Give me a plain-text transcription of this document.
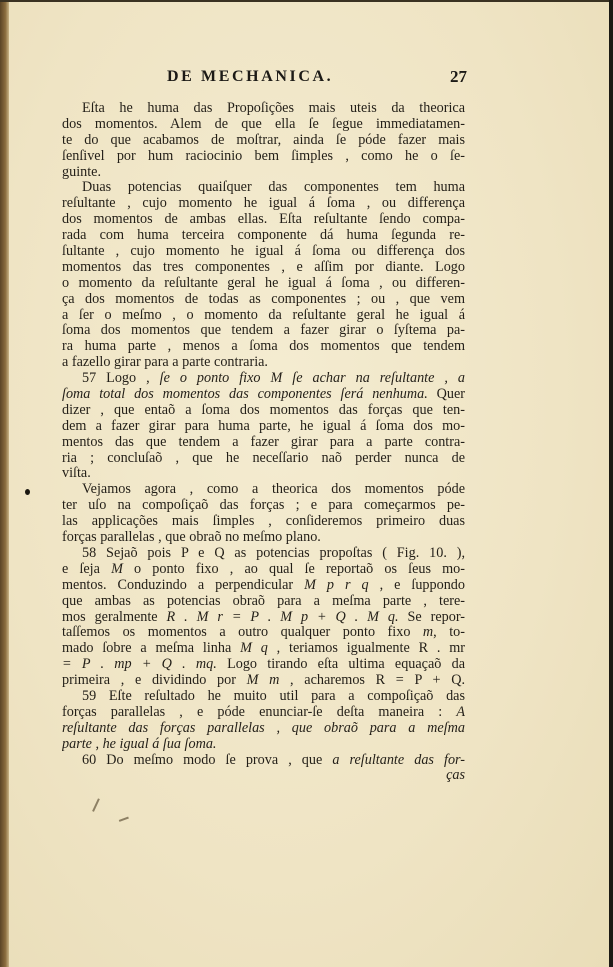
DE MECHANICA.	27
Eſta he huma das Propoſições mais uteis da theorica
dos momentos. Alem de que ella ſe ſegue immediatamen-
te do que acabamos de moſtrar, ainda ſe póde fazer mais
ſenſivel por hum raciocinio bem ſimples , como he o ſe-
guinte.
Duas potencias quaiſquer das componentes tem huma
reſultante , cujo momento he igual á ſoma , ou differença
dos momentos de ambas ellas. Eſta reſultante ſendo compa-
rada com huma terceira componente dá huma ſegunda re-
ſultante , cujo momento he igual á ſoma ou differença dos
momentos das tres componentes , e aſſim por diante. Logo
o momento da reſultante geral he igual á ſoma , ou differen-
ça dos momentos de todas as componentes ; ou , que vem
a ſer o meſmo , o momento da reſultante geral he igual á
ſoma dos momentos que tendem a fazer girar o ſyſtema pa-
ra huma parte , menos a ſoma dos momentos que tendem
a fazello girar para a parte contraria.
57 Logo , ſe o ponto fixo M ſe achar na reſultante , a
ſoma total dos momentos das componentes ſerá nenhuma. Quer
dizer , que entaõ a ſoma dos momentos das forças que ten-
dem a fazer girar para huma parte, he igual á ſoma dos mo-
mentos das que tendem a fazer girar para a parte contra-
ria ; concluſaõ , que he neceſſario naõ perder nunca de
viſta.
Vejamos agora , como a theorica dos momentos póde
ter uſo na compoſiçaõ das forças ; e para começarmos pe-
las applicações mais ſimples , conſideremos primeiro duas
forças parallelas , que obraõ no meſmo plano.
58 Sejaõ pois P e Q as potencias propoſtas ( Fig. 10. ),
e ſeja M o ponto fixo , ao qual ſe reportaõ os ſeus mo-
mentos. Conduzindo a perpendicular M p r q , e ſuppondo
que ambas as potencias obraõ para a meſma parte , tere-
mos geralmente R . M r = P . M p + Q . M q. Se repor-
taſſemos os momentos a outro qualquer ponto fixo m, to-
mado ſobre a meſma linha M q , teriamos igualmente R . mr
= P . mp + Q . mq. Logo tirando eſta ultima equaçaõ da
primeira , e dividindo por M m , acharemos R = P + Q.
59 Eſte reſultado he muito util para a compoſiçaõ das
forças parallelas , e póde enunciar-ſe deſta maneira : A
reſultante das forças parallelas , que obraõ para a meſma
parte , he igual á ſua ſoma.
60 Do meſmo modo ſe prova , que a reſultante das for-
ças
